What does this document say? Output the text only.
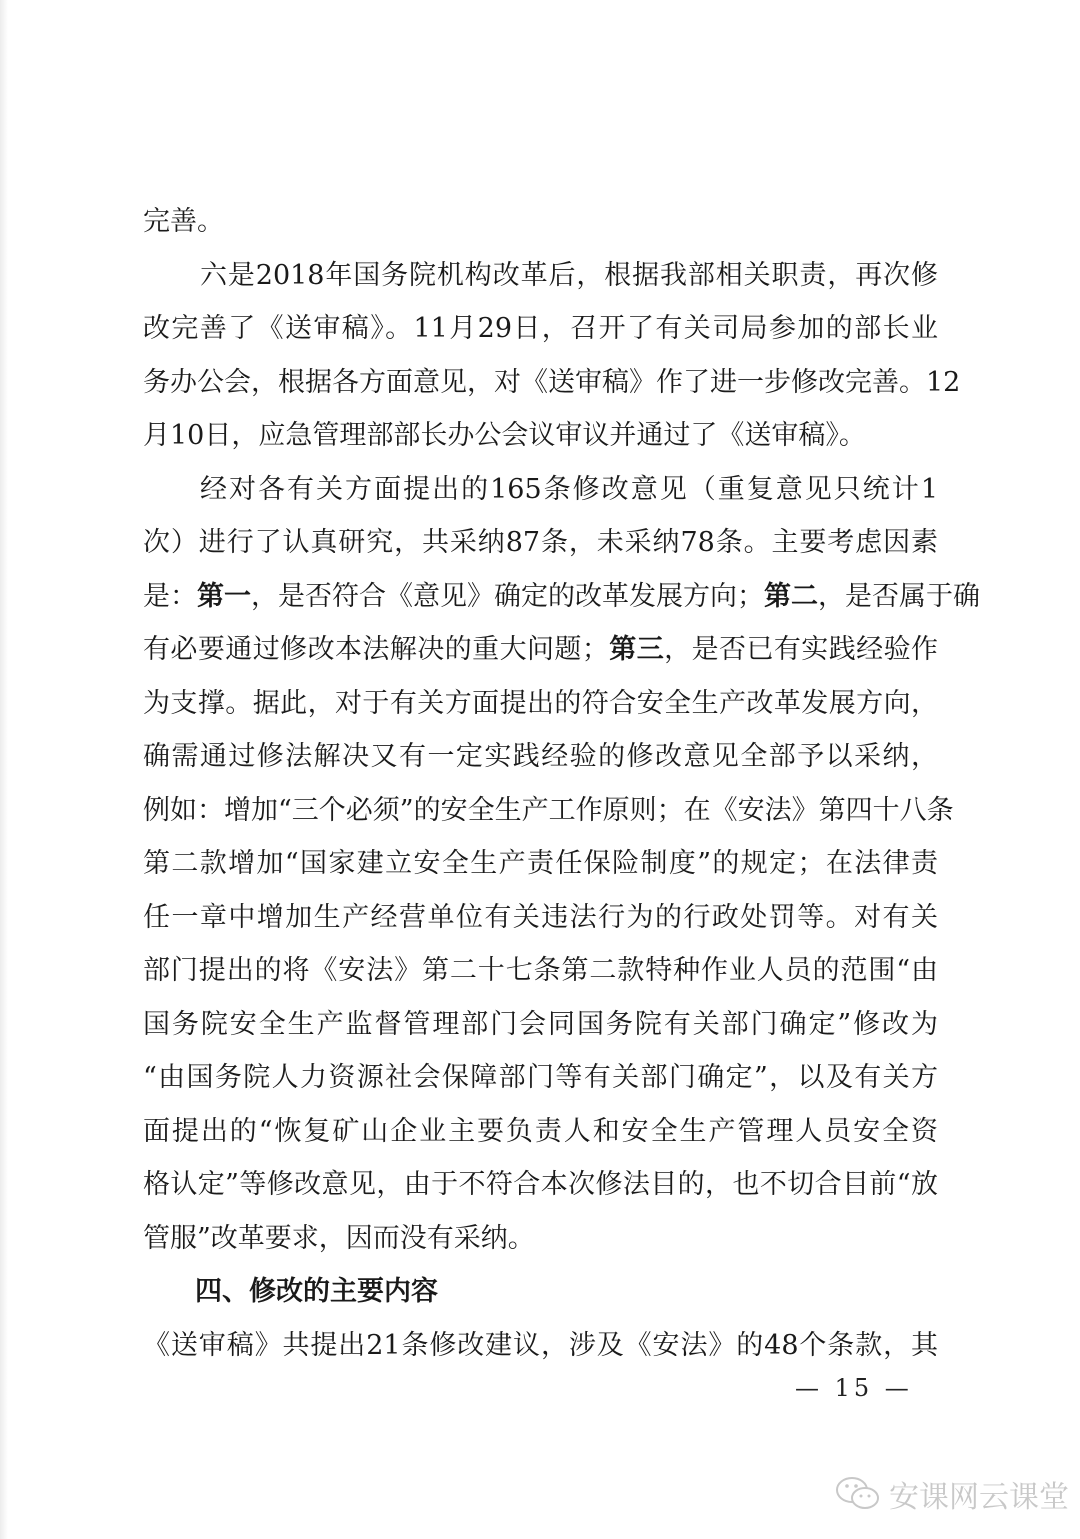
完善。
六是2018年国务院机构改革后，根据我部相关职责，再次修
改完善了《送审稿》。11月29日，召开了有关司局参加的部长业
务办公会，根据各方面意见，对《送审稿》作了进一步修改完善。12
月10日，应急管理部部长办公会议审议并通过了《送审稿》。
经对各有关方面提出的165条修改意见（重复意见只统计1
次）进行了认真研究，共采纳87条，未采纳78条。主要考虑因素
是：第一，是否符合《意见》确定的改革发展方向；第二，是否属于确
有必要通过修改本法解决的重大问题；第三，是否已有实践经验作
为支撑。据此，对于有关方面提出的符合安全生产改革发展方向，
确需通过修法解决又有一定实践经验的修改意见全部予以采纳，
例如：增加“三个必须”的安全生产工作原则；在《安法》第四十八条
第二款增加“国家建立安全生产责任保险制度”的规定；在法律责
任一章中增加生产经营单位有关违法行为的行政处罚等。对有关
部门提出的将《安法》第二十七条第二款特种作业人员的范围“由
国务院安全生产监督管理部门会同国务院有关部门确定”修改为
“由国务院人力资源社会保障部门等有关部门确定”，以及有关方
面提出的“恢复矿山企业主要负责人和安全生产管理人员安全资
格认定”等修改意见，由于不符合本次修法目的，也不切合目前“放
管服”改革要求，因而没有采纳。
四、修改的主要内容
《送审稿》共提出21条修改建议，涉及《安法》的48个条款，其
— 15 —
安课网云课堂
